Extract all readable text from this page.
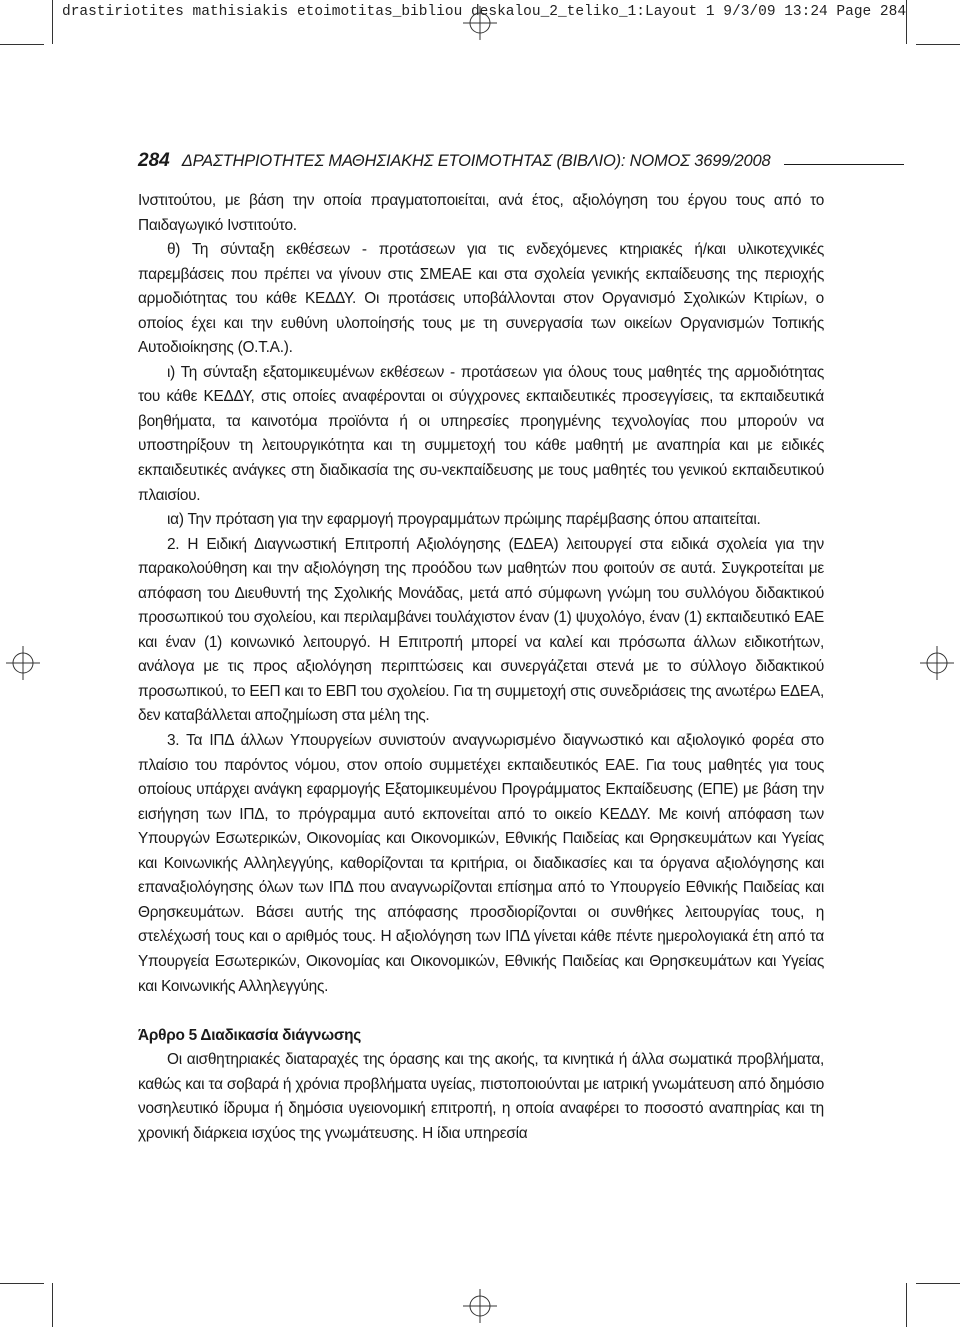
drastiriotites mathisiakis etoimotitas_bibliou deskalou_2_teliko_1:Layout 1 9/3/09 13:24 Page 284
284 ΔΡΑΣΤΗΡΙΟΤΗΤΕΣ ΜΑΘΗΣΙΑΚΗΣ ΕΤΟΙΜΟΤΗΤΑΣ (ΒΙΒΛΙΟ): ΝΟΜΟΣ 3699/2008

Ινστιτούτου, με βάση την οποία πραγματοποιείται, ανά έτος, αξιολόγηση του έργου τους από το Παιδαγωγικό Ινστιτούτο.

θ) Τη σύνταξη εκθέσεων - προτάσεων για τις ενδεχόμενες κτηριακές ή/και υλικοτεχνικές παρεμβάσεις που πρέπει να γίνουν στις ΣΜΕΑΕ και στα σχολεία γενικής εκπαίδευσης της περιοχής αρμοδιότητας του κάθε ΚΕΔΔΥ. Οι προτάσεις υποβάλλονται στον Οργανισμό Σχολικών Κτιρίων, ο οποίος έχει και την ευθύνη υλοποίησής τους με τη συνεργασία των οικείων Οργανισμών Τοπικής Αυτοδιοίκησης (Ο.Τ.Α.).

ι) Τη σύνταξη εξατομικευμένων εκθέσεων - προτάσεων για όλους τους μαθητές της αρμοδιότητας του κάθε ΚΕΔΔΥ, στις οποίες αναφέρονται οι σύγχρονες εκπαιδευτικές προσεγγίσεις, τα εκπαιδευτικά βοηθήματα, τα καινοτόμα προϊόντα ή οι υπηρεσίες προηγμένης τεχνολογίας που μπορούν να υποστηρίξουν τη λειτουργικότητα και τη συμμετοχή του κάθε μαθητή με αναπηρία και με ειδικές εκπαιδευτικές ανάγκες στη διαδικασία της συ-νεκπαίδευσης με τους μαθητές του γενικού εκπαιδευτικού πλαισίου.

ια) Την πρόταση για την εφαρμογή προγραμμάτων πρώιμης παρέμβασης όπου απαιτείται.

2. Η Ειδική Διαγνωστική Επιτροπή Αξιολόγησης (ΕΔΕΑ) λειτουργεί στα ειδικά σχολεία για την παρακολούθηση και την αξιολόγηση της προόδου των μαθητών που φοιτούν σε αυτά. Συγκροτείται με απόφαση του Διευθυντή της Σχολικής Μονάδας, μετά από σύμφωνη γνώμη του συλλόγου διδακτικού προσωπικού του σχολείου, και περιλαμβάνει τουλάχιστον έναν (1) ψυχολόγο, έναν (1) εκπαιδευτικό ΕΑΕ και έναν (1) κοινωνικό λειτουργό. Η Επιτροπή μπορεί να καλεί και πρόσωπα άλλων ειδικοτήτων, ανάλογα με τις προς αξιολόγηση περιπτώσεις και συνεργάζεται στενά με το σύλλογο διδακτικού προσωπικού, το ΕΕΠ και το ΕΒΠ του σχολείου. Για τη συμμετοχή στις συνεδριάσεις της ανωτέρω ΕΔΕΑ, δεν καταβάλλεται αποζημίωση στα μέλη της.

3. Τα ΙΠΔ άλλων Υπουργείων συνιστούν αναγνωρισμένο διαγνωστικό και αξιολογικό φορέα στο πλαίσιο του παρόντος νόμου, στον οποίο συμμετέχει εκπαιδευτικός ΕΑΕ. Για τους μαθητές για τους οποίους υπάρχει ανάγκη εφαρμογής Εξατομικευμένου Προγράμματος Εκπαίδευσης (ΕΠΕ) με βάση την εισήγηση των ΙΠΔ, το πρόγραμμα αυτό εκπονείται από το οικείο ΚΕΔΔΥ. Με κοινή απόφαση των Υπουργών Εσωτερικών, Οικονομίας και Οικονομικών, Εθνικής Παιδείας και Θρησκευμάτων και Υγείας και Κοινωνικής Αλληλεγγύης, καθορίζονται τα κριτήρια, οι διαδικασίες και τα όργανα αξιολόγησης και επαναξιολόγησης όλων των ΙΠΔ που αναγνωρίζονται επίσημα από το Υπουργείο Εθνικής Παιδείας και Θρησκευμάτων. Βάσει αυτής της απόφασης προσδιορίζονται οι συνθήκες λειτουργίας τους, η στελέχωσή τους και ο αριθμός τους. Η αξιολόγηση των ΙΠΔ γίνεται κάθε πέντε ημερολογιακά έτη από τα Υπουργεία Εσωτερικών, Οικονομίας και Οικονομικών, Εθνικής Παιδείας και Θρησκευμάτων και Υγείας και Κοινωνικής Αλληλεγγύης.

Άρθρο 5 Διαδικασία διάγνωσης

Οι αισθητηριακές διαταραχές της όρασης και της ακοής, τα κινητικά ή άλλα σωματικά προβλήματα, καθώς και τα σοβαρά ή χρόνια προβλήματα υγείας, πιστοποιούνται με ιατρική γνωμάτευση από δημόσιο νοσηλευτικό ίδρυμα ή δημόσια υγειονομική επιτροπή, η οποία αναφέρει το ποσοστό αναπηρίας και τη χρονική διάρκεια ισχύος της γνωμάτευσης. Η ίδια υπηρεσία
